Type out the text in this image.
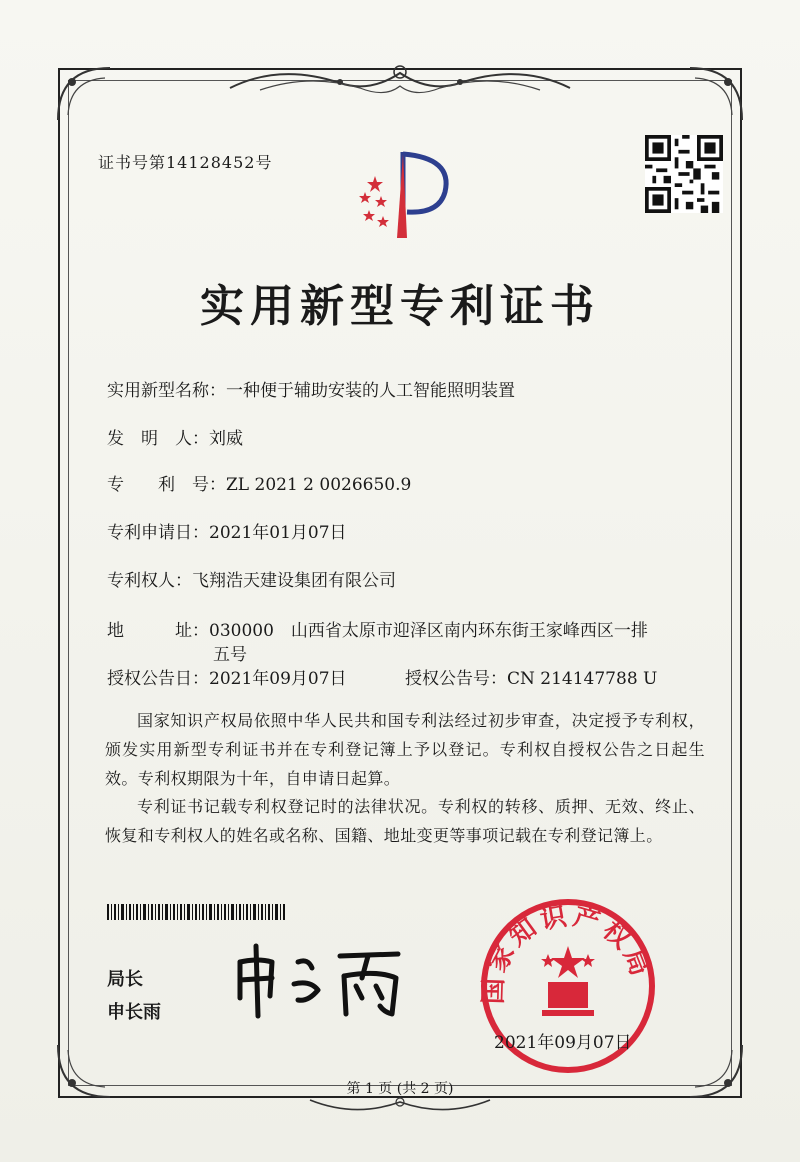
证书号第14128452号
实用新型专利证书
实用新型名称：一种便于辅助安装的人工智能照明装置
发　明　人：刘威
专　　利　号：ZL 2021 2 0026650.9
专利申请日：2021年01月07日
专利权人：飞翔浩天建设集团有限公司
地　　　址：030000　山西省太原市迎泽区南内环东街王家峰西区一排
五号
授权公告日：2021年09月07日	授权公告号：CN 214147788 U
国家知识产权局依照中华人民共和国专利法经过初步审查，决定授予专利权，颁发实用新型专利证书并在专利登记簿上予以登记。专利权自授权公告之日起生效。专利权期限为十年，自申请日起算。
专利证书记载专利权登记时的法律状况。专利权的转移、质押、无效、终止、恢复和专利权人的姓名或名称、国籍、地址变更等事项记载在专利登记簿上。
局长
申长雨
国家知识产权局
2021年09月07日
第 1 页 (共 2 页)
